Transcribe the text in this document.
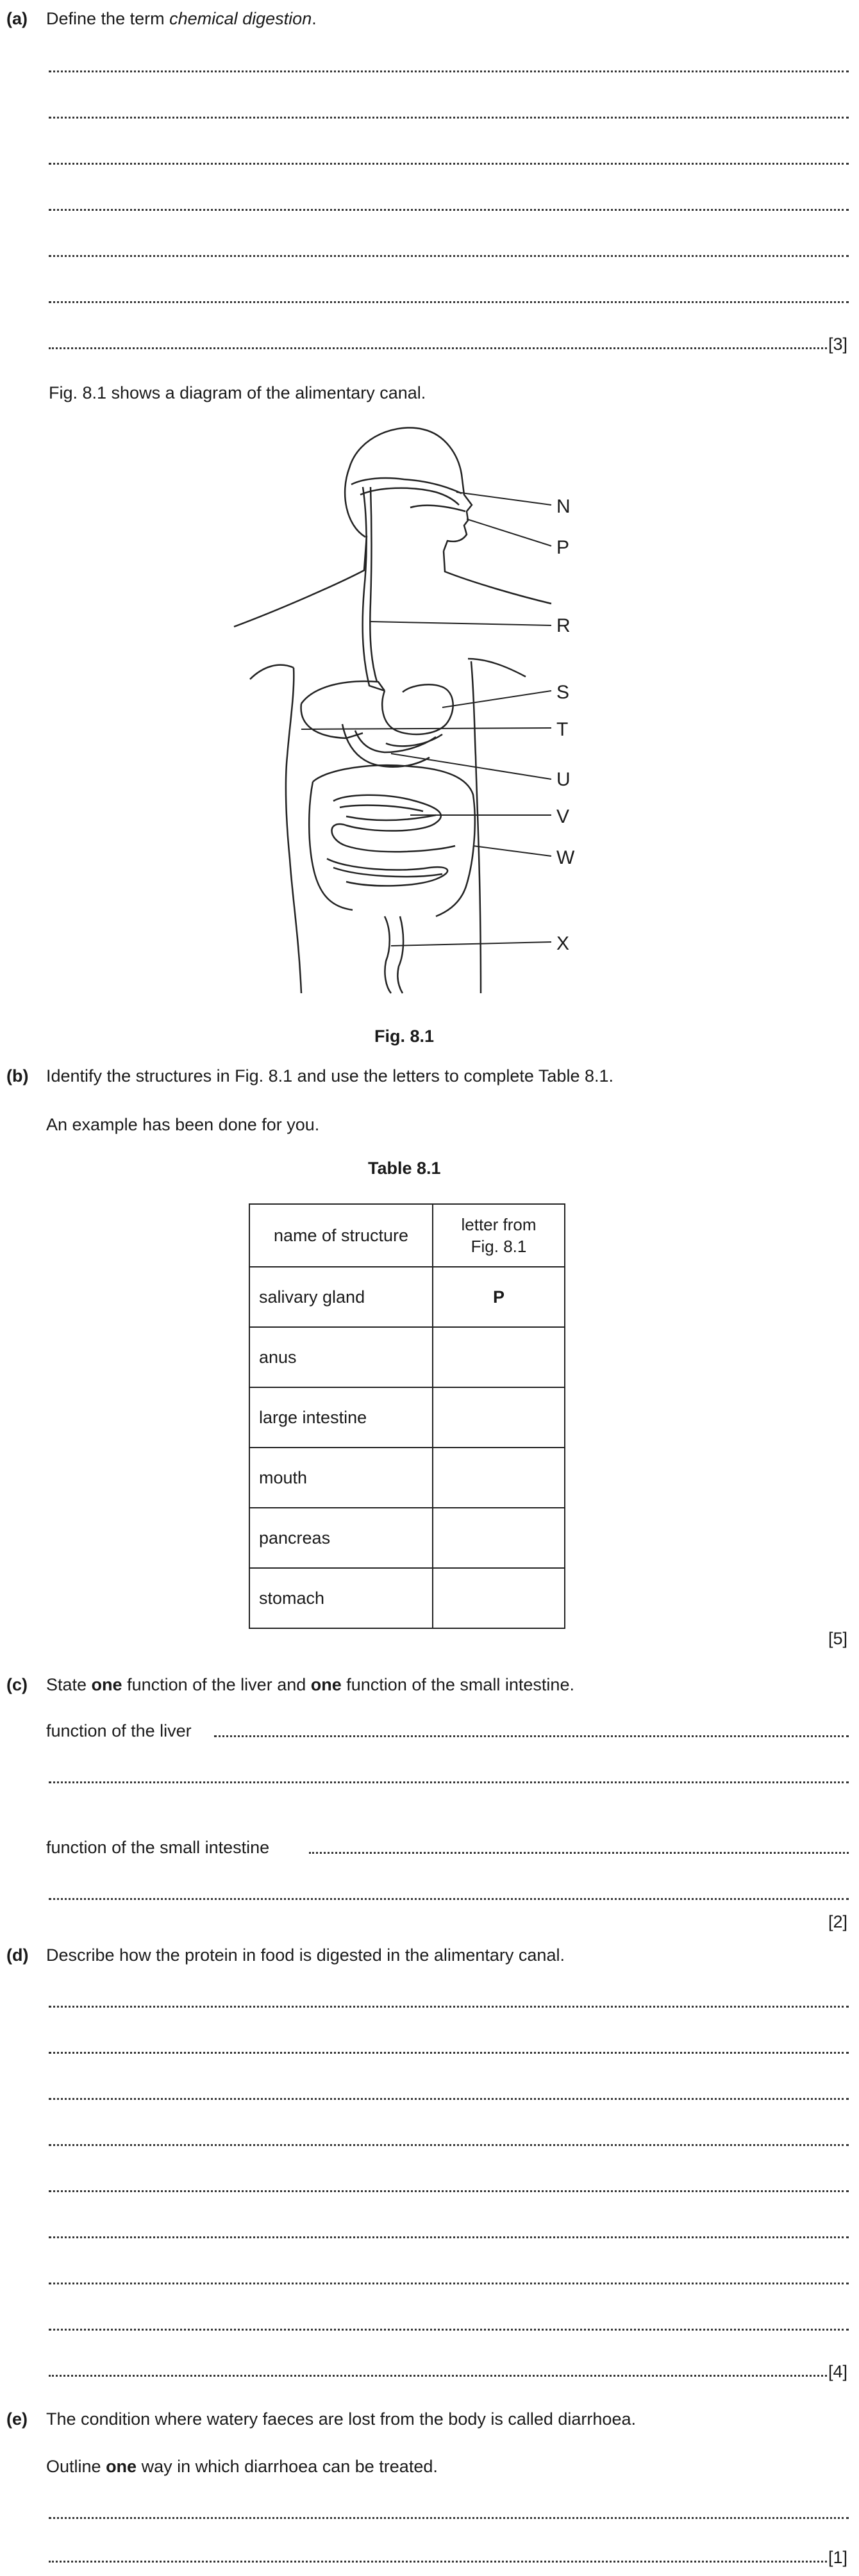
(a) Define the term chemical digestion.
[3]
Fig. 8.1 shows a diagram of the alimentary canal.
N
P
R
S
T
U
V
W
X
Fig. 8.1
(b) Identify the structures in Fig. 8.1 and use the letters to complete Table 8.1.
An example has been done for you.
Table 8.1
name of structure	letter from
Fig. 8.1
salivary gland	P
anus	
large intestine	
mouth	
pancreas	
stomach	
[5]
(c) State one function of the liver and one function of the small intestine.
function of the liver
function of the small intestine
[2]
(d) Describe how the protein in food is digested in the alimentary canal.
[4]
(e) The condition where watery faeces are lost from the body is called diarrhoea.
Outline one way in which diarrhoea can be treated.
[1]
